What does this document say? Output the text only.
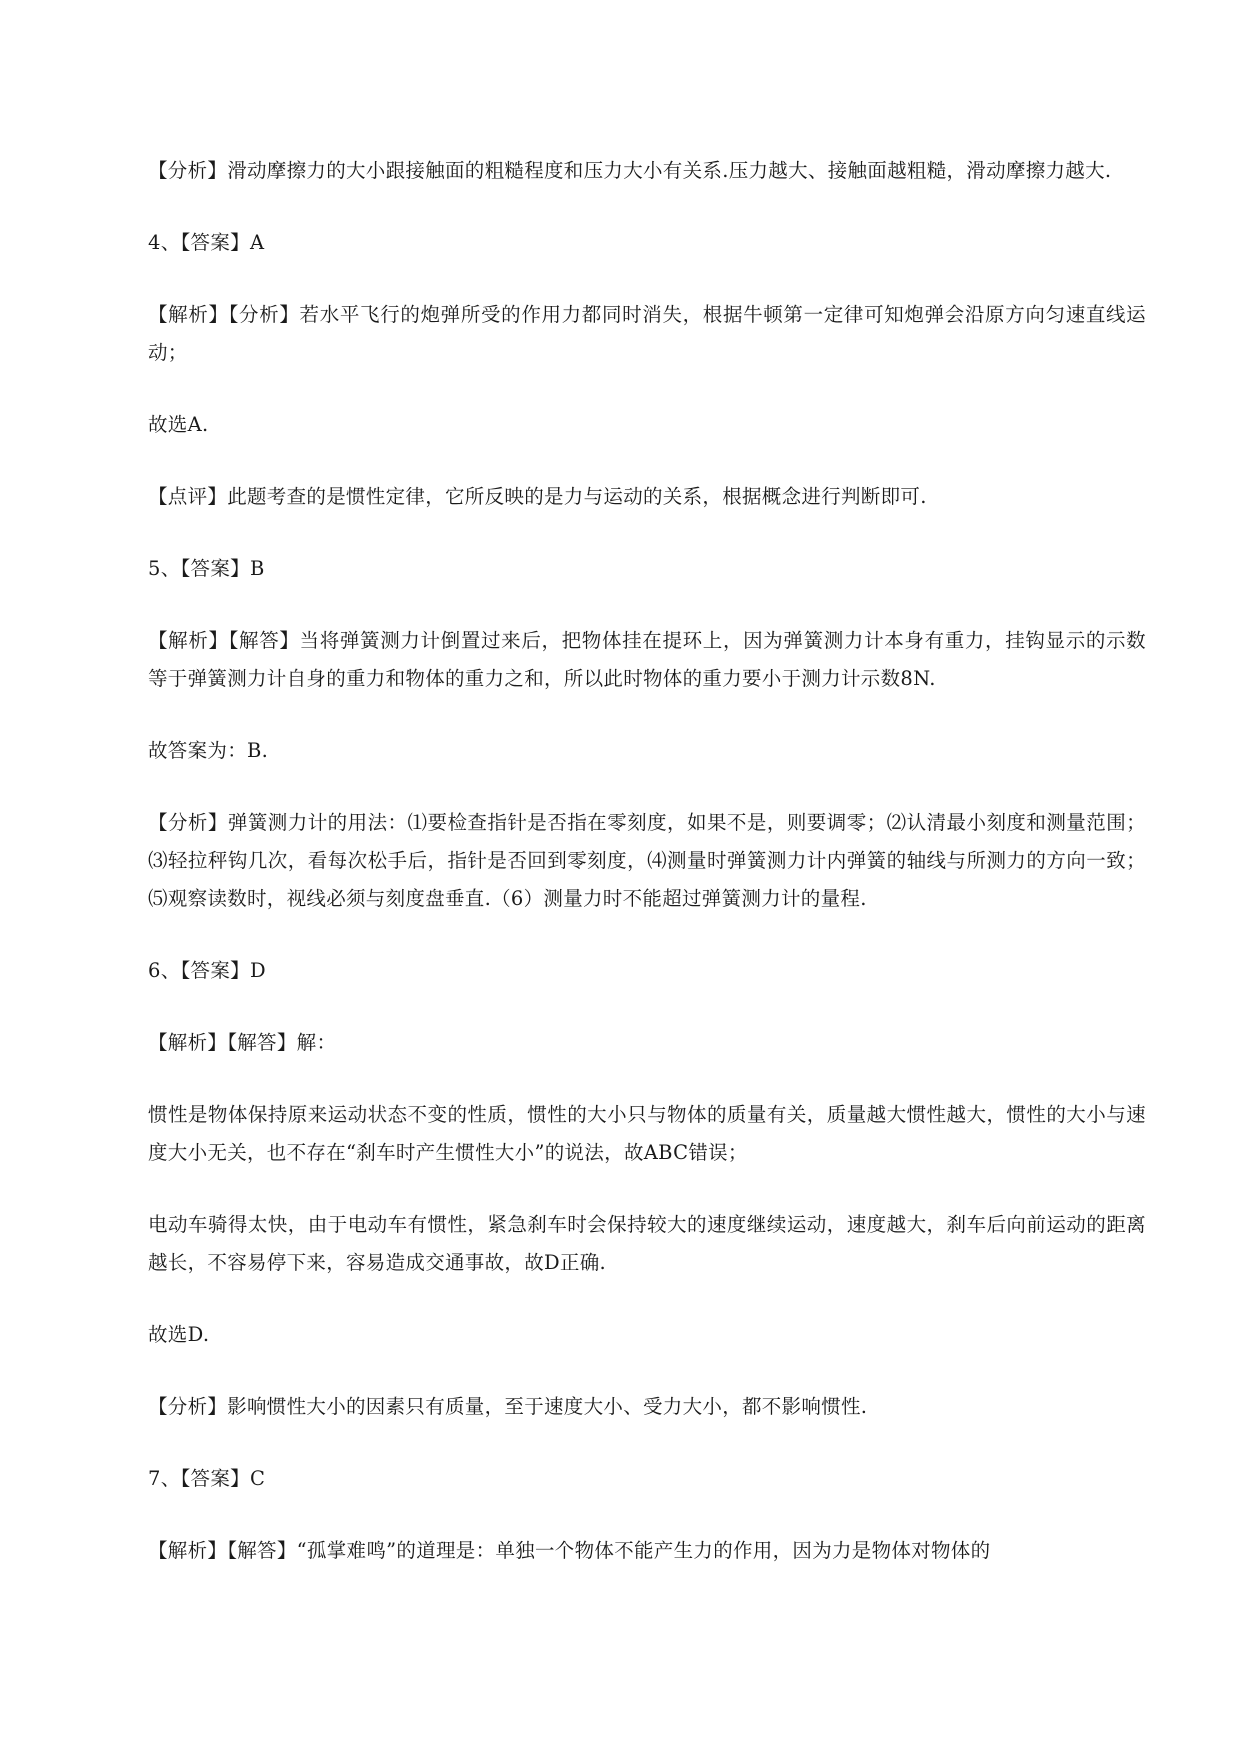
【分析】滑动摩擦力的大小跟接触面的粗糙程度和压力大小有关系.压力越大、接触面越粗糙，滑动摩擦力越大.

4、【答案】A

【解析】【分析】若水平飞行的炮弹所受的作用力都同时消失，根据牛顿第一定律可知炮弹会沿原方向匀速直线运动；

故选A.

【点评】此题考查的是惯性定律，它所反映的是力与运动的关系，根据概念进行判断即可.

5、【答案】B

【解析】【解答】当将弹簧测力计倒置过来后，把物体挂在提环上，因为弹簧测力计本身有重力，挂钩显示的示数等于弹簧测力计自身的重力和物体的重力之和，所以此时物体的重力要小于测力计示数8N.

故答案为：B.

【分析】弹簧测力计的用法：⑴要检查指针是否指在零刻度，如果不是，则要调零；⑵认清最小刻度和测量范围；⑶轻拉秤钩几次，看每次松手后，指针是否回到零刻度，⑷测量时弹簧测力计内弹簧的轴线与所测力的方向一致；⑸观察读数时，视线必须与刻度盘垂直.（6）测量力时不能超过弹簧测力计的量程.

6、【答案】D

【解析】【解答】解：

惯性是物体保持原来运动状态不变的性质，惯性的大小只与物体的质量有关，质量越大惯性越大，惯性的大小与速度大小无关，也不存在“刹车时产生惯性大小”的说法，故ABC错误；

电动车骑得太快，由于电动车有惯性，紧急刹车时会保持较大的速度继续运动，速度越大，刹车后向前运动的距离越长，不容易停下来，容易造成交通事故，故D正确.

故选D.

【分析】影响惯性大小的因素只有质量，至于速度大小、受力大小，都不影响惯性.

7、【答案】C

【解析】【解答】“孤掌难鸣”的道理是：单独一个物体不能产生力的作用，因为力是物体对物体的
